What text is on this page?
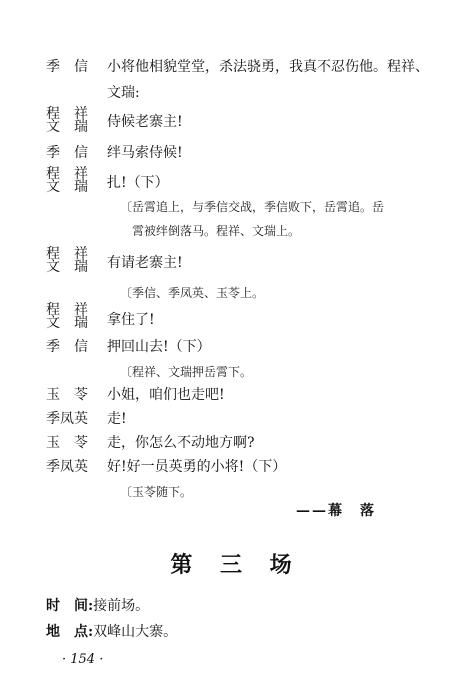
季　信	小将他相貌堂堂，杀法骁勇，我真不忍伤他。程祥、文瑞:
程　祥
文　瑞	侍候老寨主!
季　信	绊马索侍候!
程　祥
文　瑞	扎!（下）
〔岳霄追上，与季信交战，季信败下，岳霄追。岳
霄被绊倒落马。程祥、文瑞上。
程　祥
文　瑞	有请老寨主!
〔季信、季凤英、玉苓上。
程　祥
文　瑞	拿住了!
季　信	押回山去!（下）
〔程祥、文瑞押岳霄下。
玉　苓	小姐，咱们也走吧!
季凤英	走!
玉　苓	走，你怎么不动地方啊?
季凤英	好!好一员英勇的小将!（下）
〔玉苓随下。
——幕　落
第 三 场
时　间:接前场。
地　点:双峰山大寨。
· 154 ·
